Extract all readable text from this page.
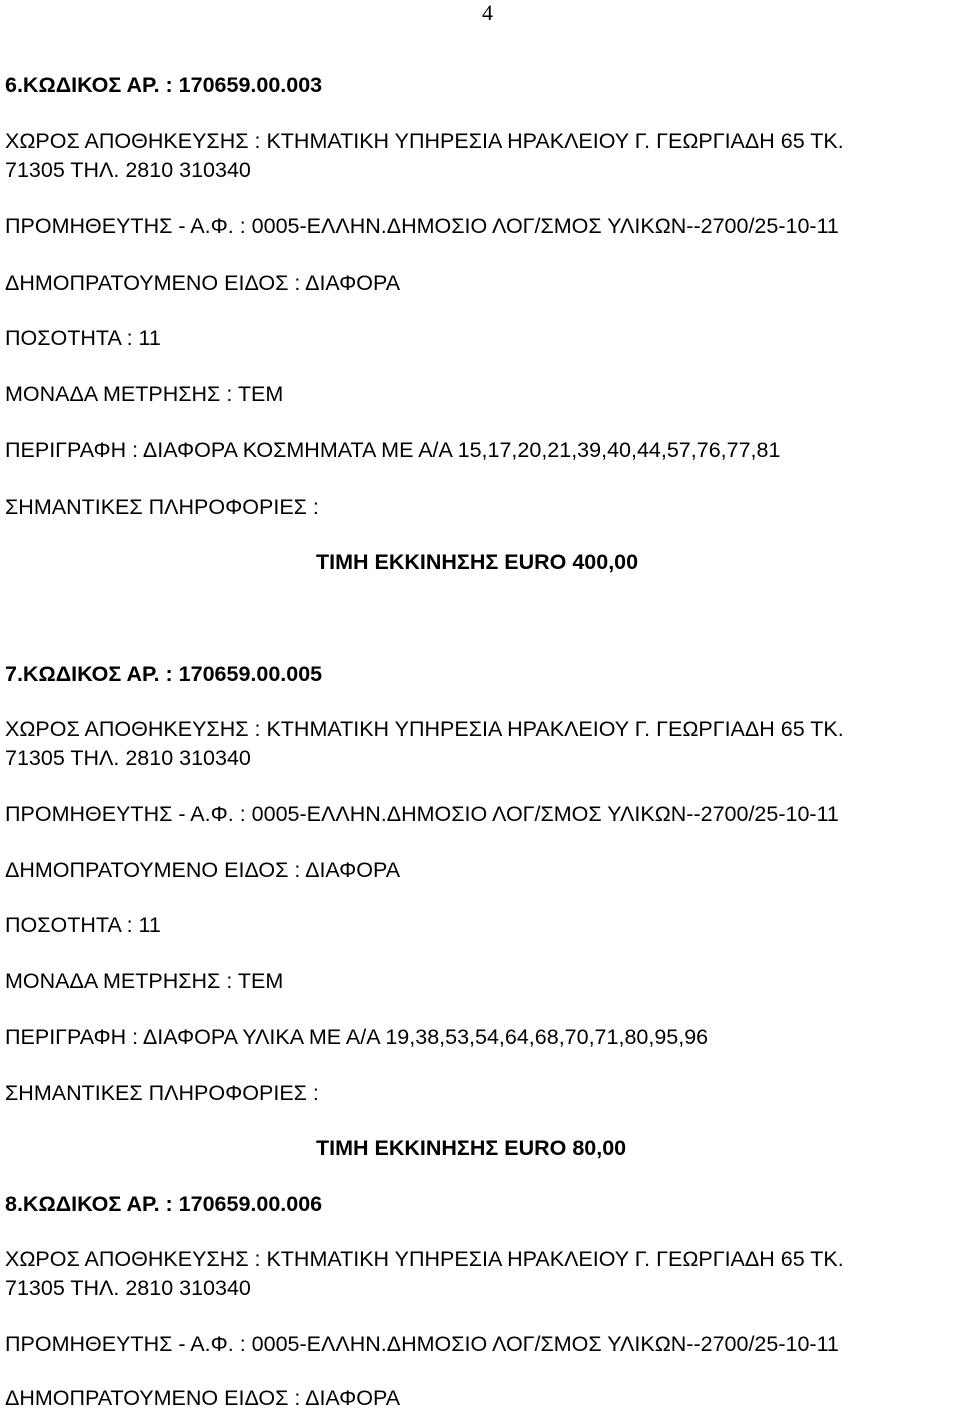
4
6.ΚΩΔΙΚΟΣ ΑΡ. : 170659.00.003
ΧΩΡΟΣ ΑΠΟΘΗΚΕΥΣΗΣ : ΚΤΗΜΑΤΙΚΗ ΥΠΗΡΕΣΙΑ ΗΡΑΚΛΕΙΟΥ Γ. ΓΕΩΡΓΙΑΔΗ 65 ΤΚ.
71305 ΤΗΛ. 2810 310340
ΠΡΟΜΗΘΕΥΤΗΣ - Α.Φ. : 0005-ΕΛΛΗΝ.ΔΗΜΟΣΙΟ ΛΟΓ/ΣΜΟΣ ΥΛΙΚΩΝ--2700/25-10-11
ΔΗΜΟΠΡΑΤΟΥΜΕΝΟ ΕΙΔΟΣ : ΔΙΑΦΟΡΑ
ΠΟΣΟΤΗΤΑ : 11
ΜΟΝΑΔΑ ΜΕΤΡΗΣΗΣ : ΤΕΜ
ΠΕΡΙΓΡΑΦΗ : ΔΙΑΦΟΡΑ ΚΟΣΜΗΜΑΤΑ ΜΕ Α/Α 15,17,20,21,39,40,44,57,76,77,81
ΣΗΜΑΝΤΙΚΕΣ ΠΛΗΡΟΦΟΡΙΕΣ :
ΤΙΜΗ ΕΚΚΙΝΗΣΗΣ EURO 400,00
7.ΚΩΔΙΚΟΣ ΑΡ. : 170659.00.005
ΧΩΡΟΣ ΑΠΟΘΗΚΕΥΣΗΣ : ΚΤΗΜΑΤΙΚΗ ΥΠΗΡΕΣΙΑ ΗΡΑΚΛΕΙΟΥ Γ. ΓΕΩΡΓΙΑΔΗ 65 ΤΚ.
71305 ΤΗΛ. 2810 310340
ΠΡΟΜΗΘΕΥΤΗΣ - Α.Φ. : 0005-ΕΛΛΗΝ.ΔΗΜΟΣΙΟ ΛΟΓ/ΣΜΟΣ ΥΛΙΚΩΝ--2700/25-10-11
ΔΗΜΟΠΡΑΤΟΥΜΕΝΟ ΕΙΔΟΣ : ΔΙΑΦΟΡΑ
ΠΟΣΟΤΗΤΑ : 11
ΜΟΝΑΔΑ ΜΕΤΡΗΣΗΣ : ΤΕΜ
ΠΕΡΙΓΡΑΦΗ : ΔΙΑΦΟΡΑ ΥΛΙΚΑ ΜΕ Α/Α 19,38,53,54,64,68,70,71,80,95,96
ΣΗΜΑΝΤΙΚΕΣ ΠΛΗΡΟΦΟΡΙΕΣ :
ΤΙΜΗ ΕΚΚΙΝΗΣΗΣ EURO 80,00
8.ΚΩΔΙΚΟΣ ΑΡ. : 170659.00.006
ΧΩΡΟΣ ΑΠΟΘΗΚΕΥΣΗΣ : ΚΤΗΜΑΤΙΚΗ ΥΠΗΡΕΣΙΑ ΗΡΑΚΛΕΙΟΥ Γ. ΓΕΩΡΓΙΑΔΗ 65 ΤΚ.
71305 ΤΗΛ. 2810 310340
ΠΡΟΜΗΘΕΥΤΗΣ - Α.Φ. : 0005-ΕΛΛΗΝ.ΔΗΜΟΣΙΟ ΛΟΓ/ΣΜΟΣ ΥΛΙΚΩΝ--2700/25-10-11
ΔΗΜΟΠΡΑΤΟΥΜΕΝΟ ΕΙΔΟΣ : ΔΙΑΦΟΡΑ
